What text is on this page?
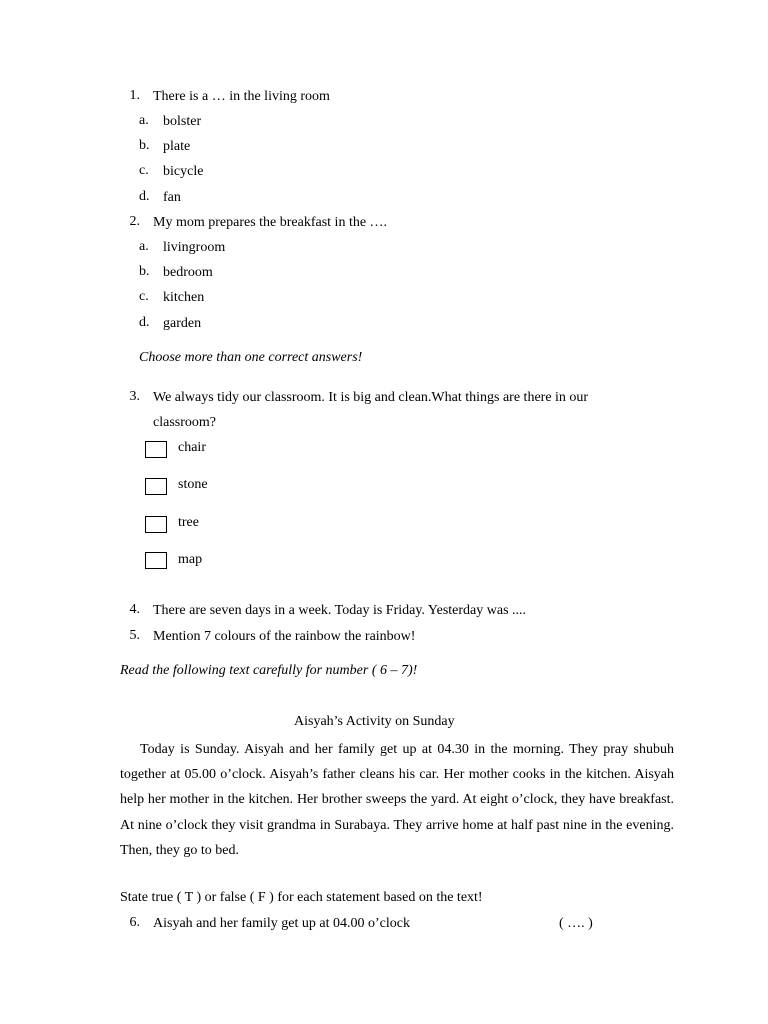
1. There is a … in the living room
a. bolster
b. plate
c. bicycle
d. fan
2. My mom prepares the breakfast in the ….
a. livingroom
b. bedroom
c. kitchen
d. garden
Choose more than one correct answers!
3. We always tidy our classroom. It is big and clean.What things are there in our
classroom?
chair
stone
tree
map
4. There are seven days in a week. Today is Friday. Yesterday was ....
5. Mention 7 colours of the rainbow the rainbow!
Read the following text carefully for number ( 6 – 7)!
Aisyah’s Activity on Sunday
Today is Sunday. Aisyah and her family get up at 04.30 in the morning. They pray shubuh together at 05.00 o’clock. Aisyah’s father cleans his car. Her mother cooks in the kitchen. Aisyah help her mother in the kitchen. Her brother sweeps the yard. At eight o’clock, they have breakfast. At nine o’clock they visit grandma in Surabaya. They arrive home at half past nine in the evening. Then, they go to bed.
State true ( T ) or false ( F ) for each statement based on the text!
6. Aisyah and her family get up at 04.00 o’clock	( …. )
